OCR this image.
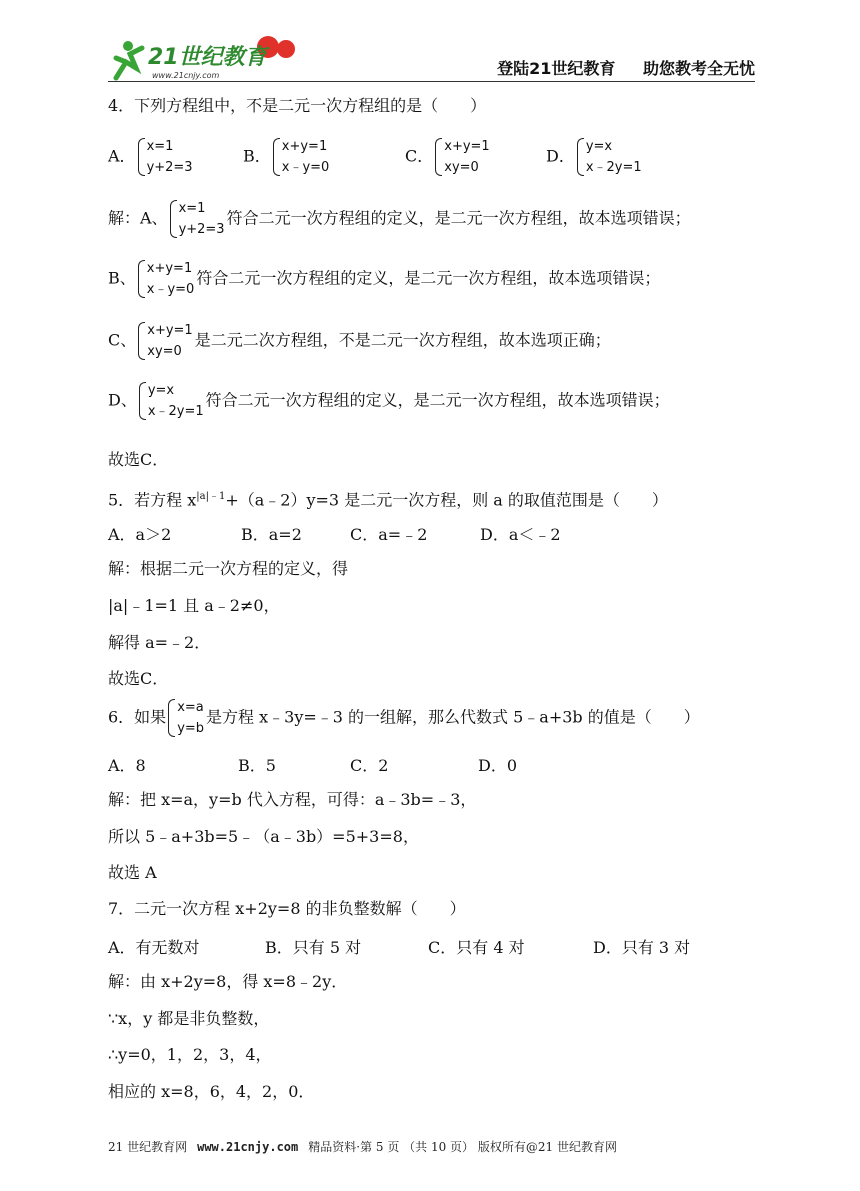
21世纪教育
www.21cnjy.com	登陆21世纪教育 助您教考全无忧
4．下列方程组中，不是二元一次方程组的是（　　）
A． x=1
y+2=3
B． x+y=1
x﹣y=0
C． x+y=1
xy=0
D． y=x
x﹣2y=1
解：A、 x=1
y+2=3
符合二元一次方程组的定义，是二元一次方程组，故本选项错误；
B、 x+y=1
x﹣y=0
符合二元一次方程组的定义，是二元一次方程组，故本选项错误；
C、 x+y=1
xy=0
是二元二次方程组，不是二元一次方程组，故本选项正确；
D、 y=x
x﹣2y=1
符合二元一次方程组的定义，是二元一次方程组，故本选项错误；
故选C．
5．若方程 $x^{|a|﹣1}+(a﹣2)y=3$ 是二元一次方程，则 a 的取值范围是（　　）
A．a＞2	B．a=2	C．a=﹣2	D．a＜﹣2
解：根据二元一次方程的定义，得
|a|﹣1=1 且 a﹣2≠0，
解得 a=﹣2．
故选C．
6．如果 x=a
y=b
是方程 x﹣3y=﹣3 的一组解，那么代数式 5﹣a+3b 的值是（　　）
A．8	B．5	C．2	D．0
解：把 x=a，y=b 代入方程，可得：a﹣3b=﹣3，
所以 5﹣a+3b=5﹣（a﹣3b）=5+3=8，
故选 A
7．二元一次方程 x+2y=8 的非负整数解（　　）
A．有无数对	B．只有 5 对	C．只有 4 对	D．只有 3 对
解：由 x+2y=8，得 x=8﹣2y．
∵x，y 都是非负整数，
∴y=0，1，2，3，4，
相应的 x=8，6，4，2，0．
21 世纪教育网 www.21cnjy.com 精品资料·第 5 页 （共 10 页） 版权所有@21 世纪教育网
